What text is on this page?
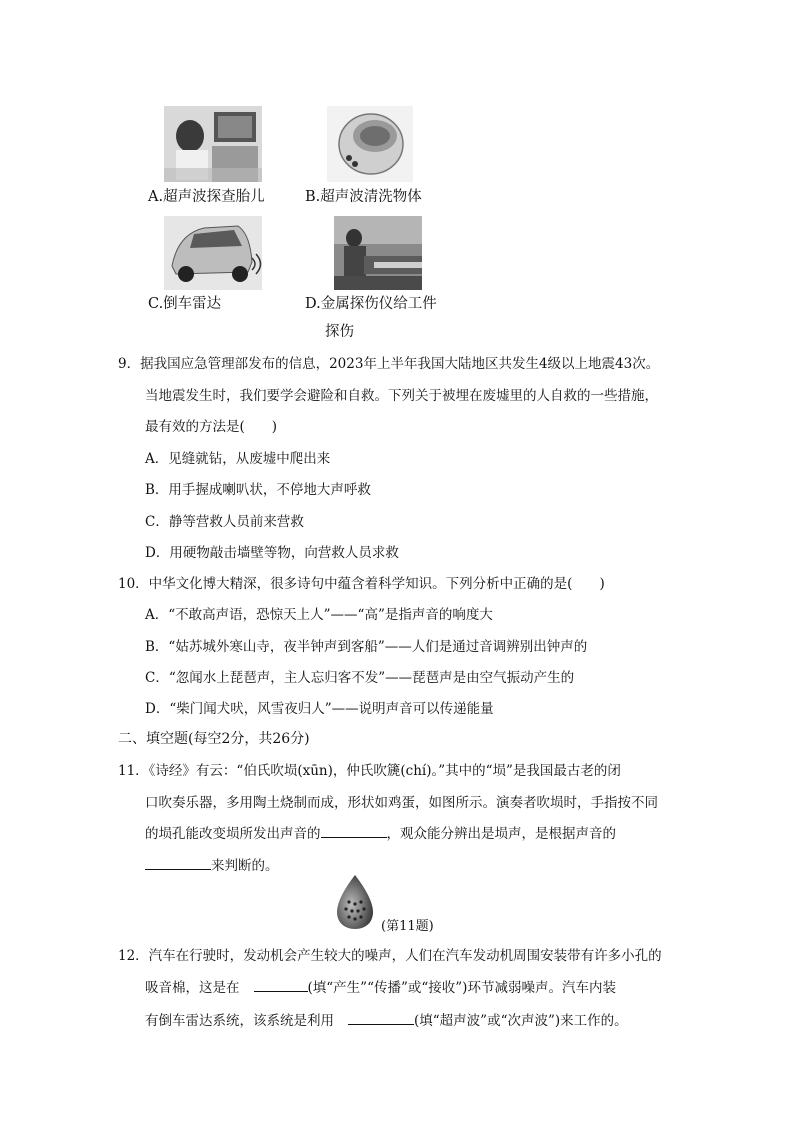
A.超声波探查胎儿	B.超声波清洗物体
C.倒车雷达	D.金属探伤仪给工件
探伤
9．据我国应急管理部发布的信息，2023年上半年我国大陆地区共发生4级以上地震43次。
当地震发生时，我们要学会避险和自救。下列关于被埋在废墟里的人自救的一些措施，
最有效的方法是(　　)
A．见缝就钻，从废墟中爬出来
B．用手握成喇叭状，不停地大声呼救
C．静等营救人员前来营救
D．用硬物敲击墙壁等物，向营救人员求救
10．中华文化博大精深，很多诗句中蕴含着科学知识。下列分析中正确的是(　　)
A．“不敢高声语，恐惊天上人”——“高”是指声音的响度大
B．“姑苏城外寒山寺，夜半钟声到客船”——人们是通过音调辨别出钟声的
C．“忽闻水上琵琶声，主人忘归客不发”——琵琶声是由空气振动产生的
D．“柴门闻犬吠，风雪夜归人”——说明声音可以传递能量
二、填空题(每空2分，共26分)
11．《诗经》有云：“伯氏吹埙(xūn)，仲氏吹篪(chí)。”其中的“埙”是我国最古老的闭
口吹奏乐器，多用陶土烧制而成，形状如鸡蛋，如图所示。演奏者吹埙时，手指按不同
的埙孔能改变埙所发出声音的	，观众能分辨出是埙声，是根据声音的
来判断的。
(第11题)
12．汽车在行驶时，发动机会产生较大的噪声，人们在汽车发动机周围安装带有许多小孔的
吸音棉，这是在	(填“产生”“传播”或“接收”)环节减弱噪声。汽车内装
有倒车雷达系统，该系统是利用	(填“超声波”或“次声波”)来工作的。
